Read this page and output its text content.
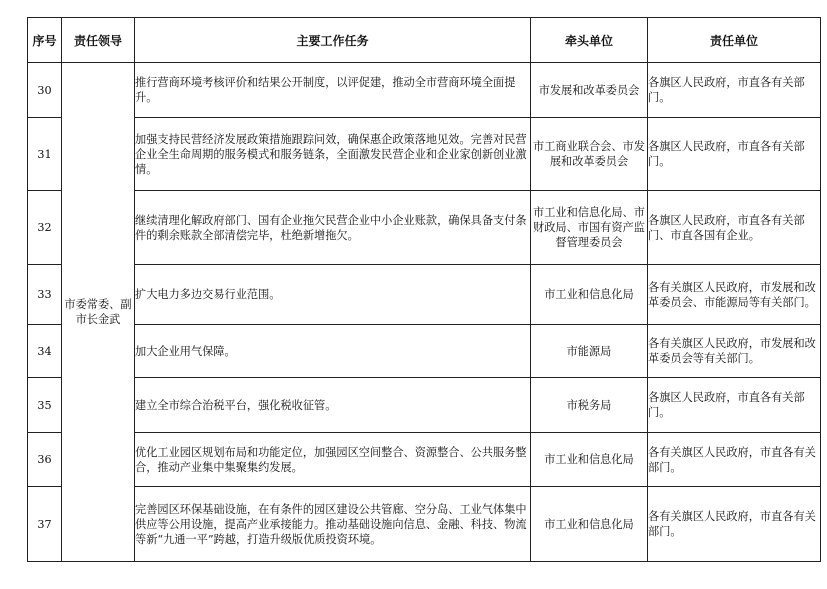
序号	责任领导	主要工作任务	牵头单位	责任单位
30	市委常委、副市长金武	推行营商环境考核评价和结果公开制度，以评促建，推动全市营商环境全面提升。	市发展和改革委员会	各旗区人民政府，市直各有关部门。
31		加强支持民营经济发展政策措施跟踪问效，确保惠企政策落地见效。完善对民营企业全生命周期的服务模式和服务链条，全面激发民营企业和企业家创新创业激情。	市工商业联合会、市发展和改革委员会	各旗区人民政府，市直各有关部门。
32		继续清理化解政府部门、国有企业拖欠民营企业中小企业账款，确保具备支付条件的剩余账款全部清偿完毕，杜绝新增拖欠。	市工业和信息化局、市财政局、市国有资产监督管理委员会	各旗区人民政府，市直各有关部门、市直各国有企业。
33		扩大电力多边交易行业范围。	市工业和信息化局	各有关旗区人民政府，市发展和改革委员会、市能源局等有关部门。
34		加大企业用气保障。	市能源局	各有关旗区人民政府，市发展和改革委员会等有关部门。
35		建立全市综合治税平台，强化税收征管。	市税务局	各旗区人民政府，市直各有关部门。
36		优化工业园区规划布局和功能定位，加强园区空间整合、资源整合、公共服务整合，推动产业集中集聚集约发展。	市工业和信息化局	各有关旗区人民政府，市直各有关部门。
37		完善园区环保基础设施，在有条件的园区建设公共管廊、空分岛、工业气体集中供应等公用设施，提高产业承接能力。推动基础设施向信息、金融、科技、物流等新“九通一平”跨越，打造升级版优质投资环境。	市工业和信息化局	各有关旗区人民政府，市直各有关部门。
